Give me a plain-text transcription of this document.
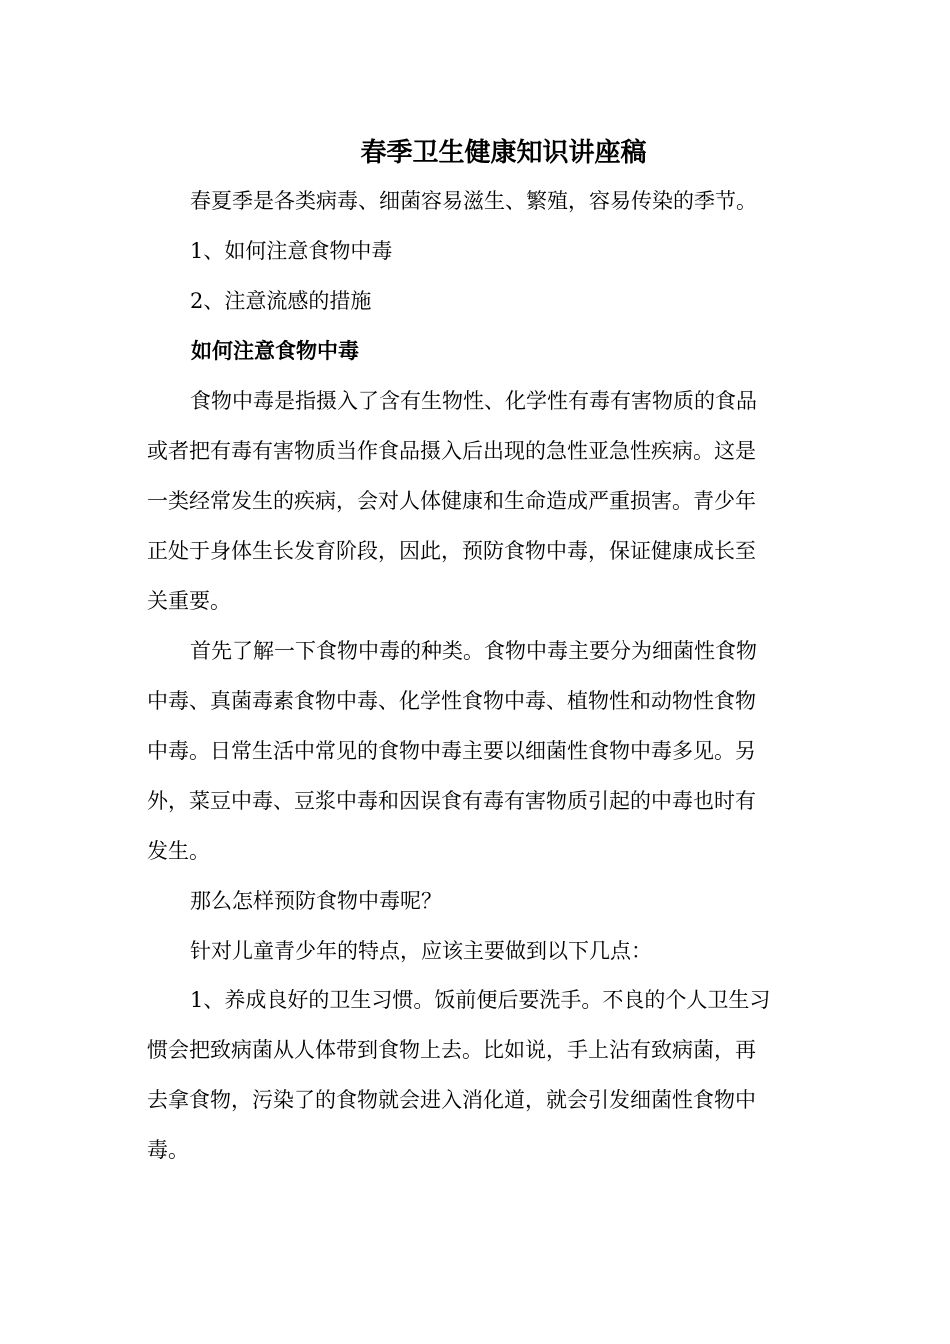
春季卫生健康知识讲座稿
春夏季是各类病毒、细菌容易滋生、繁殖，容易传染的季节。
1、如何注意食物中毒
2、注意流感的措施
如何注意食物中毒
食物中毒是指摄入了含有生物性、化学性有毒有害物质的食品
或者把有毒有害物质当作食品摄入后出现的急性亚急性疾病。这是
一类经常发生的疾病，会对人体健康和生命造成严重损害。青少年
正处于身体生长发育阶段，因此，预防食物中毒，保证健康成长至
关重要。
首先了解一下食物中毒的种类。食物中毒主要分为细菌性食物
中毒、真菌毒素食物中毒、化学性食物中毒、植物性和动物性食物
中毒。日常生活中常见的食物中毒主要以细菌性食物中毒多见。另
外，菜豆中毒、豆浆中毒和因误食有毒有害物质引起的中毒也时有
发生。
那么怎样预防食物中毒呢？
针对儿童青少年的特点，应该主要做到以下几点：
1、养成良好的卫生习惯。饭前便后要洗手。不良的个人卫生习
惯会把致病菌从人体带到食物上去。比如说，手上沾有致病菌，再
去拿食物，污染了的食物就会进入消化道，就会引发细菌性食物中
毒。
